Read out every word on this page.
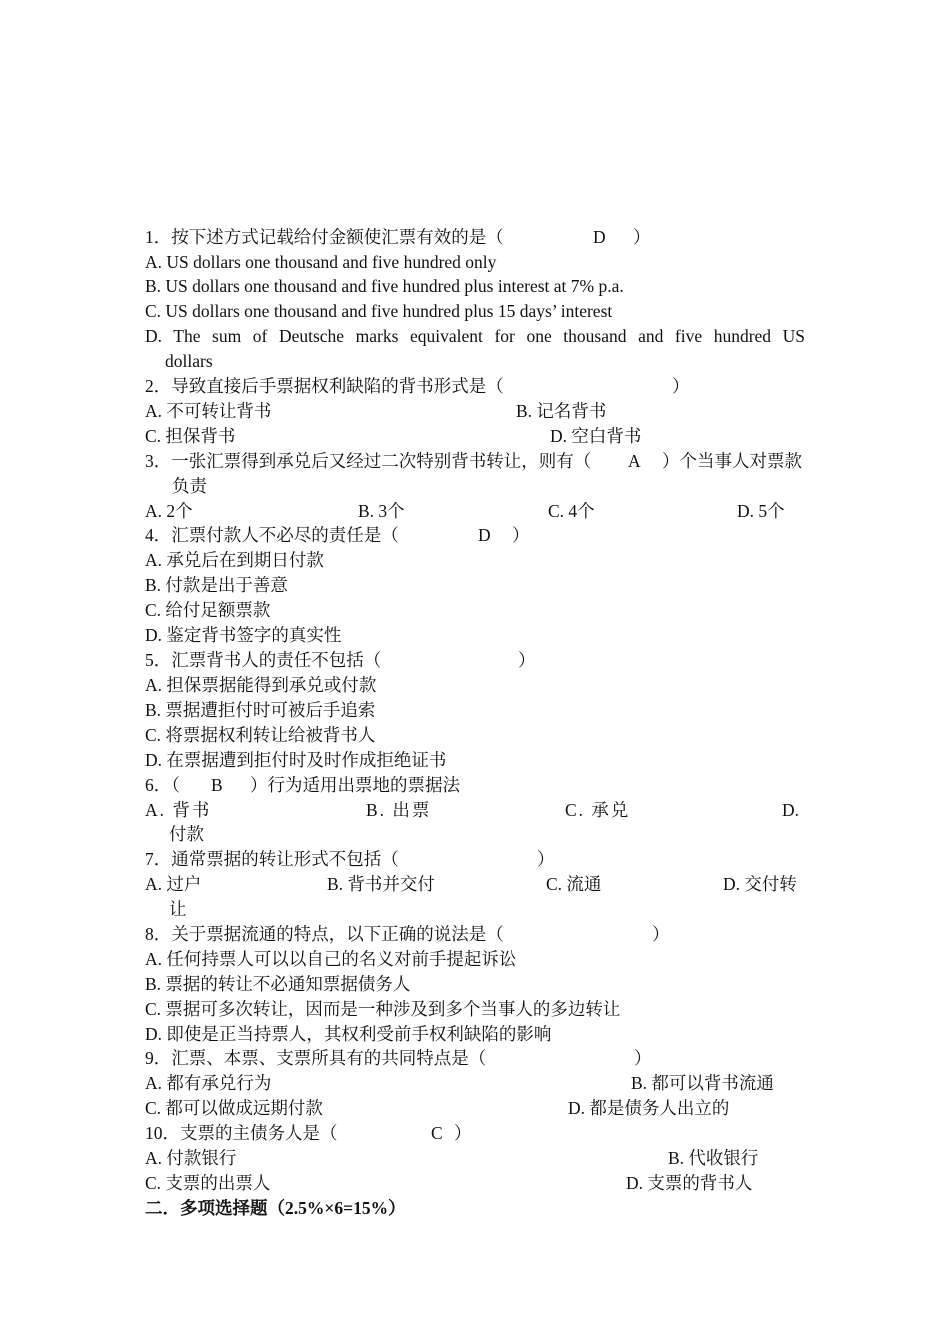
1．按下述方式记载给付金额使汇票有效的是（	D ）
A. US dollars one thousand and five hundred only
B. US dollars one thousand and five hundred plus interest at 7% p.a.
C. US dollars one thousand and five hundred plus 15 days’ interest
D. The sum of Deutsche marks equivalent for one thousand and five hundred US
dollars
2．导致直接后手票据权利缺陷的背书形式是（	）
A. 不可转让背书	B. 记名背书
C. 担保背书	D. 空白背书
3．一张汇票得到承兑后又经过二次特别背书转让，则有（ A ）个当事人对票款
负责
A. 2个	B. 3个	C. 4个	D. 5个
4．汇票付款人不必尽的责任是（	D ）
A. 承兑后在到期日付款
B. 付款是出于善意
C. 给付足额票款
D. 鉴定背书签字的真实性
5．汇票背书人的责任不包括（	）
A. 担保票据能得到承兑或付款
B. 票据遭拒付时可被后手追索
C. 将票据权利转让给被背书人
D. 在票据遭到拒付时及时作成拒绝证书
6．（ B ）行为适用出票地的票据法
A. 背书	B. 出票	C. 承兑	D.
付款
7．通常票据的转让形式不包括（	）
A. 过户	B. 背书并交付	C. 流通	D. 交付转
让
8．关于票据流通的特点，以下正确的说法是（	）
A. 任何持票人可以以自己的名义对前手提起诉讼
B. 票据的转让不必通知票据债务人
C. 票据可多次转让，因而是一种涉及到多个当事人的多边转让
D. 即使是正当持票人，其权利受前手权利缺陷的影响
9．汇票、本票、支票所具有的共同特点是（	）
A. 都有承兑行为	B. 都可以背书流通
C. 都可以做成远期付款	D. 都是债务人出立的
10．支票的主债务人是（	C ）
A. 付款银行	B. 代收银行
C. 支票的出票人	D. 支票的背书人
二．多项选择题（2.5%×6=15%）
